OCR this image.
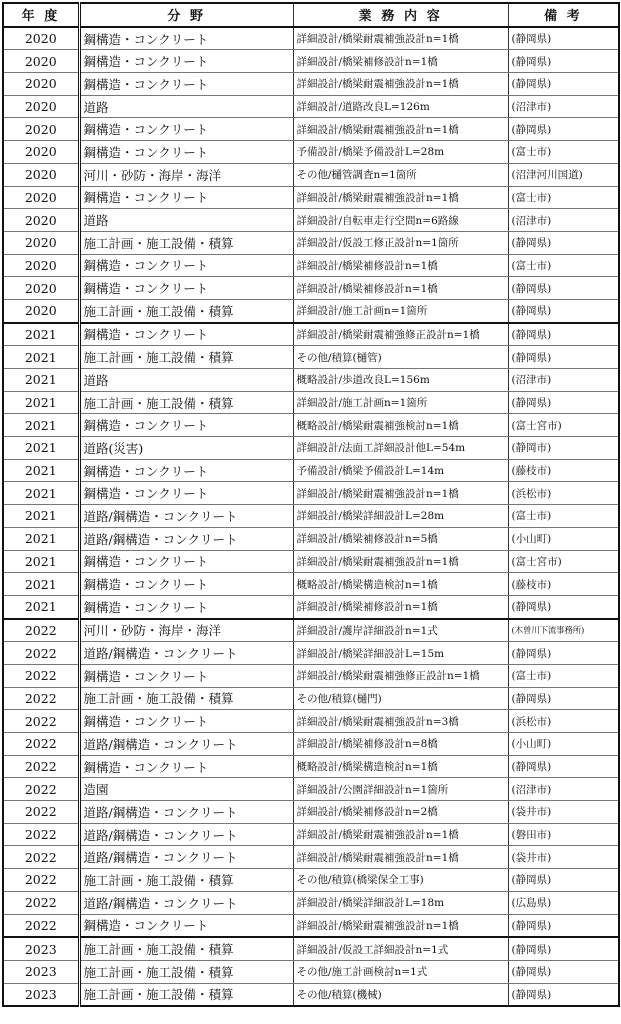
年 度	分 野	業 務 内 容	備 考
2020	鋼構造・コンクリート	詳細設計/橋梁耐震補強設計n=1橋	(静岡県)
2020	鋼構造・コンクリート	詳細設計/橋梁補修設計n=1橋	(静岡県)
2020	鋼構造・コンクリート	詳細設計/橋梁耐震補強設計n=1橋	(静岡県)
2020	道路	詳細設計/道路改良L=126m	(沼津市)
2020	鋼構造・コンクリート	詳細設計/橋梁耐震補強設計n=1橋	(静岡県)
2020	鋼構造・コンクリート	予備設計/橋梁予備設計L=28m	(富士市)
2020	河川・砂防・海岸・海洋	その他/樋管調査n=1箇所	(沼津河川国道)
2020	鋼構造・コンクリート	詳細設計/橋梁耐震補強設計n=1橋	(富士市)
2020	道路	詳細設計/自転車走行空間n=6路線	(沼津市)
2020	施工計画・施工設備・積算	詳細設計/仮設工修正設計n=1箇所	(静岡県)
2020	鋼構造・コンクリート	詳細設計/橋梁補修設計n=1橋	(富士市)
2020	鋼構造・コンクリート	詳細設計/橋梁補修設計n=1橋	(静岡県)
2020	施工計画・施工設備・積算	詳細設計/施工計画n=1箇所	(静岡県)
2021	鋼構造・コンクリート	詳細設計/橋梁耐震補強修正設計n=1橋	(静岡県)
2021	施工計画・施工設備・積算	その他/積算(樋管)	(静岡県)
2021	道路	概略設計/歩道改良L=156m	(沼津市)
2021	施工計画・施工設備・積算	詳細設計/施工計画n=1箇所	(静岡県)
2021	鋼構造・コンクリート	概略設計/橋梁耐震補強検討n=1橋	(富士宮市)
2021	道路(災害)	詳細設計/法面工詳細設計他L=54m	(静岡市)
2021	鋼構造・コンクリート	予備設計/橋梁予備設計L=14m	(藤枝市)
2021	鋼構造・コンクリート	詳細設計/橋梁耐震補強設計n=1橋	(浜松市)
2021	道路/鋼構造・コンクリート	詳細設計/橋梁詳細設計L=28m	(富士市)
2021	道路/鋼構造・コンクリート	詳細設計/橋梁補修設計n=5橋	(小山町)
2021	鋼構造・コンクリート	詳細設計/橋梁耐震補強設計n=1橋	(富士宮市)
2021	鋼構造・コンクリート	概略設計/橋梁構造検討n=1橋	(藤枝市)
2021	鋼構造・コンクリート	詳細設計/橋梁補修設計n=1橋	(静岡県)
2022	河川・砂防・海岸・海洋	詳細設計/護岸詳細設計n=1式	(木曽川下流事務所)
2022	道路/鋼構造・コンクリート	詳細設計/橋梁詳細設計L=15m	(静岡県)
2022	鋼構造・コンクリート	詳細設計/橋梁耐震補強修正設計n=1橋	(富士市)
2022	施工計画・施工設備・積算	その他/積算(樋門)	(静岡県)
2022	鋼構造・コンクリート	詳細設計/橋梁耐震補強設計n=3橋	(浜松市)
2022	道路/鋼構造・コンクリート	詳細設計/橋梁補修設計n=8橋	(小山町)
2022	鋼構造・コンクリート	概略設計/橋梁構造検討n=1橋	(静岡県)
2022	造園	詳細設計/公園詳細設計n=1箇所	(沼津市)
2022	道路/鋼構造・コンクリート	詳細設計/橋梁補修設計n=2橋	(袋井市)
2022	道路/鋼構造・コンクリート	詳細設計/橋梁耐震補強設計n=1橋	(磐田市)
2022	道路/鋼構造・コンクリート	詳細設計/橋梁耐震補強設計n=1橋	(袋井市)
2022	施工計画・施工設備・積算	その他/積算(橋梁保全工事)	(静岡県)
2022	道路/鋼構造・コンクリート	詳細設計/橋梁詳細設計L=18m	(広島県)
2022	鋼構造・コンクリート	詳細設計/橋梁耐震補強設計n=1橋	(静岡県)
2023	施工計画・施工設備・積算	詳細設計/仮設工詳細設計n=1式	(静岡県)
2023	施工計画・施工設備・積算	その他/施工計画検討n=1式	(静岡県)
2023	施工計画・施工設備・積算	その他/積算(機械)	(静岡県)
